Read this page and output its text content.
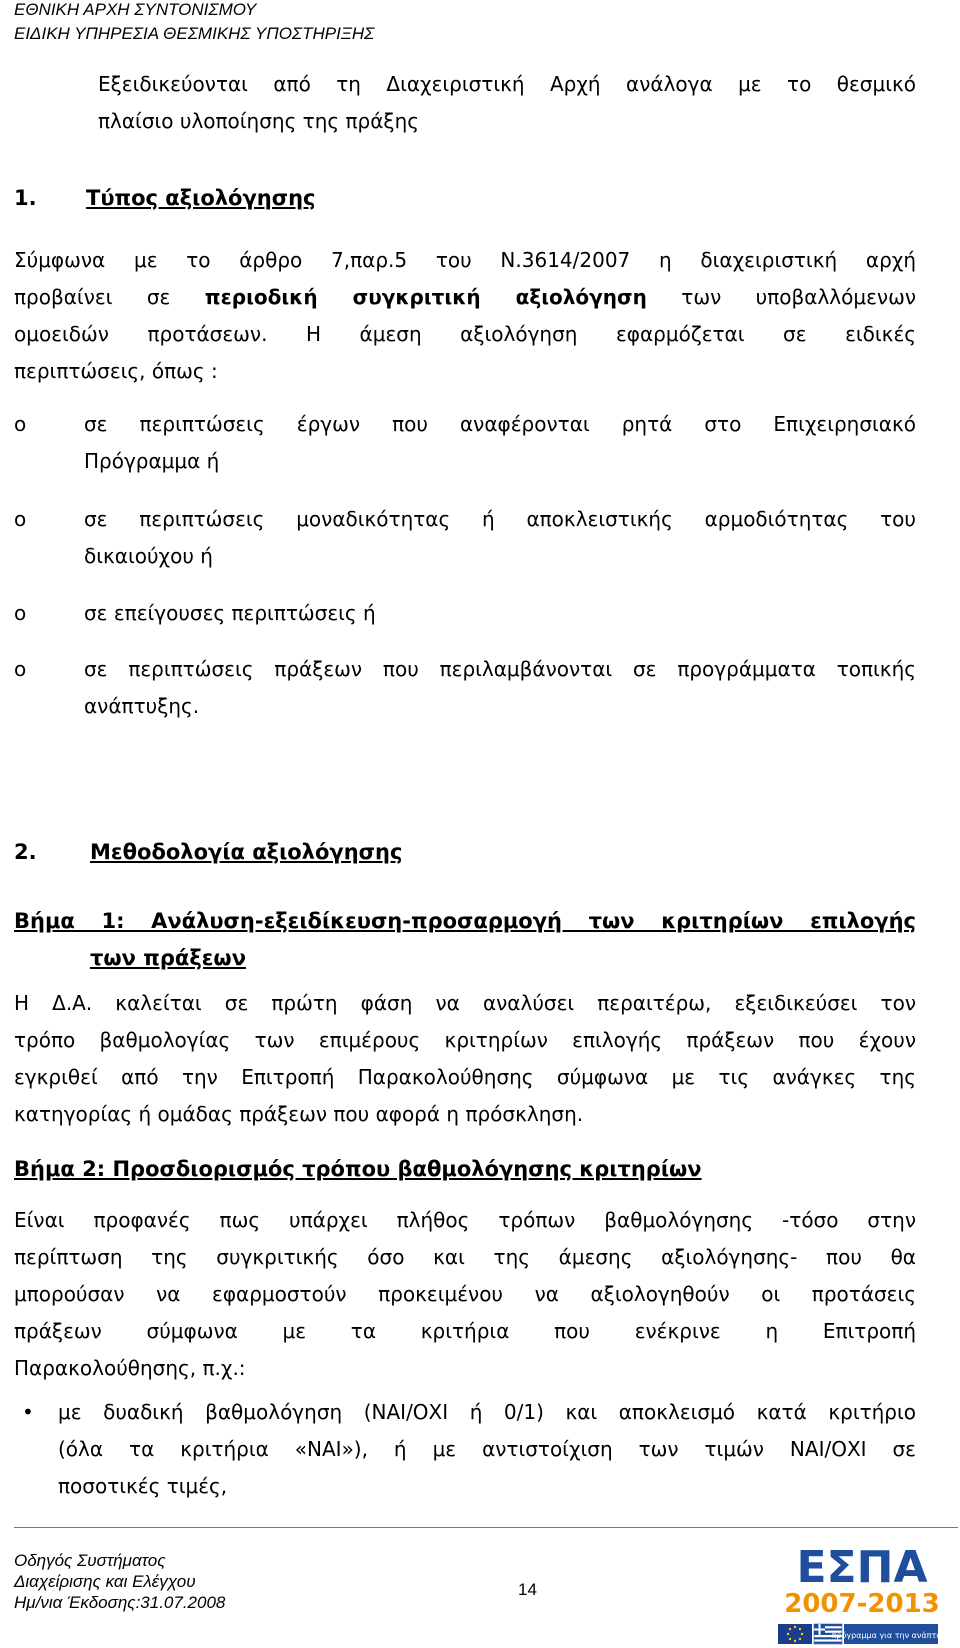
ΕΘΝΙΚΗ ΑΡΧΗ ΣΥΝΤΟΝΙΣΜΟΥ
ΕΙΔΙΚΗ ΥΠΗΡΕΣΙΑ ΘΕΣΜΙΚΗΣ ΥΠΟΣΤΗΡΙΞΗΣ
Εξειδικεύονται από τη Διαχειριστική Αρχή ανάλογα με το θεσμικό
πλαίσιο υλοποίησης της πράξης
1. Τύπος αξιολόγησης
Σύμφωνα με το άρθρο 7,παρ.5 του Ν.3614/2007 η διαχειριστική αρχή
προβαίνει σε περιοδική συγκριτική αξιολόγηση των υποβαλλόμενων
ομοειδών προτάσεων. Η άμεση αξιολόγηση εφαρμόζεται σε ειδικές
περιπτώσεις, όπως :
o	σε περιπτώσεις έργων που αναφέρονται ρητά στο Επιχειρησιακό
Πρόγραμμα ή
o	σε περιπτώσεις μοναδικότητας ή αποκλειστικής αρμοδιότητας του
δικαιούχου ή
o	σε επείγουσες περιπτώσεις ή
o	σε περιπτώσεις πράξεων που περιλαμβάνονται σε προγράμματα τοπικής
ανάπτυξης.
2.	Μεθοδολογία αξιολόγησης
Βήμα 1: Ανάλυση-εξειδίκευση-προσαρμογή των κριτηρίων επιλογής
των πράξεων
Η Δ.Α. καλείται σε πρώτη φάση να αναλύσει περαιτέρω, εξειδικεύσει τον
τρόπο βαθμολογίας των επιμέρους κριτηρίων επιλογής πράξεων που έχουν
εγκριθεί από την Επιτροπή Παρακολούθησης σύμφωνα με τις ανάγκες της
κατηγορίας ή ομάδας πράξεων που αφορά η πρόσκληση.
Βήμα 2: Προσδιορισμός τρόπου βαθμολόγησης κριτηρίων
Είναι προφανές πως υπάρχει πλήθος τρόπων βαθμολόγησης -τόσο στην
περίπτωση της συγκριτικής όσο και της άμεσης αξιολόγησης- που θα
μπορούσαν να εφαρμοστούν προκειμένου να αξιολογηθούν οι προτάσεις
πράξεων σύμφωνα με τα κριτήρια που ενέκρινε η Επιτροπή
Παρακολούθησης, π.χ.:
• με δυαδική βαθμολόγηση (ΝΑΙ/ΟΧΙ ή 0/1) και αποκλεισμό κατά κριτήριο
(όλα τα κριτήρια «ΝΑΙ»), ή με αντιστοίχιση των τιμών ΝΑΙ/ΟΧΙ σε
ποσοτικές τιμές,
Οδηγός Συστήματος
Διαχείρισης και Ελέγχου
Ημ/νια Έκδοσης:31.07.2008
14	ΕΣΠΑ
2007-2013
πρόγραμμα για την ανάπτυξη
